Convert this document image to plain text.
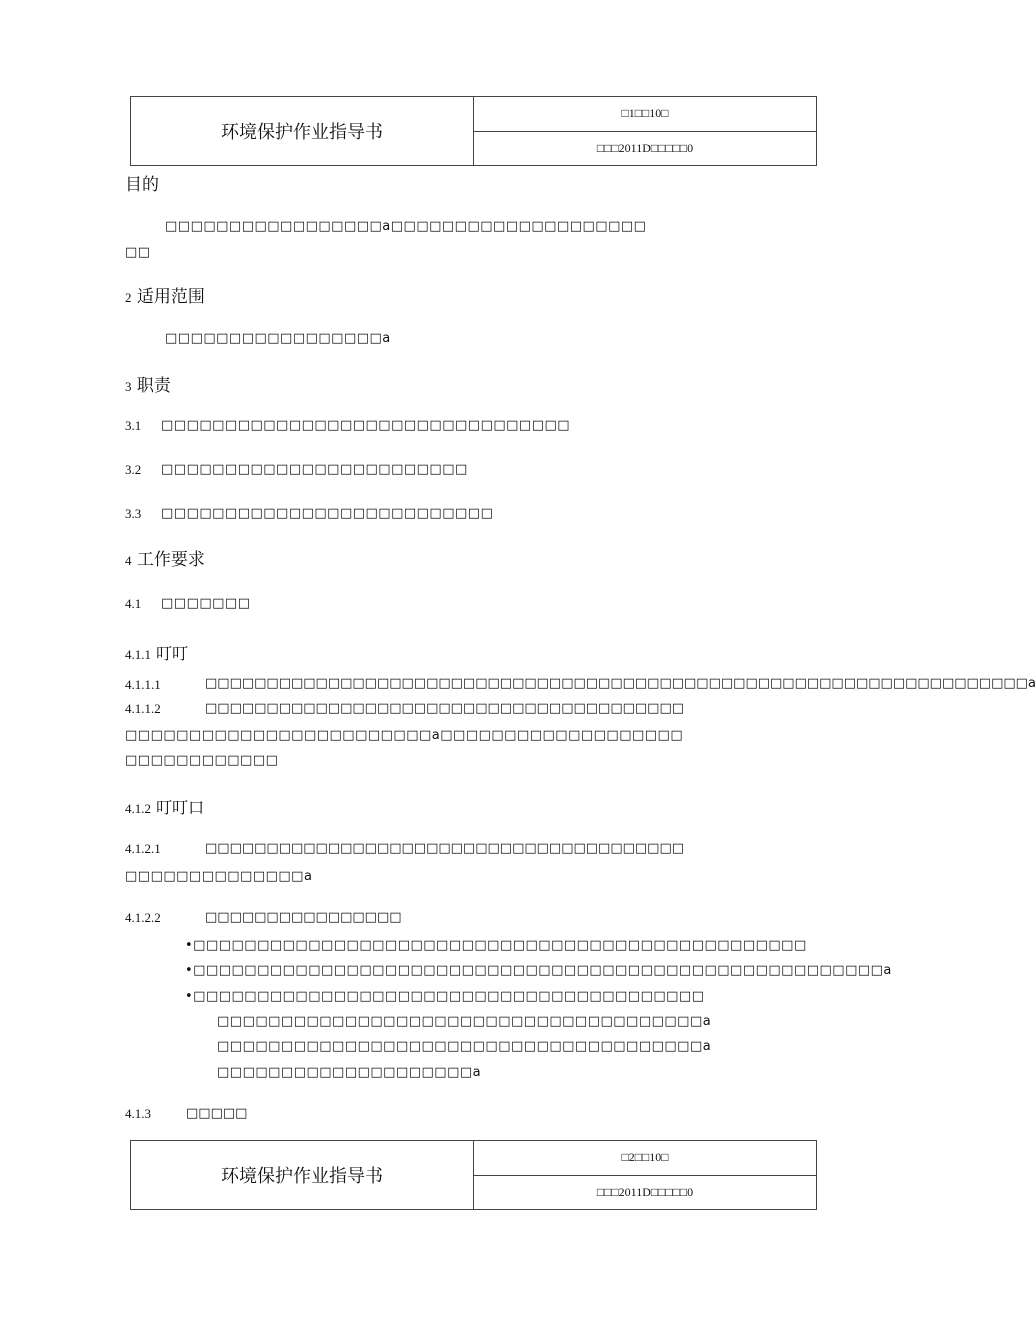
环境保护作业指导书	□1□□10□
□□□2011D□□□□□0
目的
□□□□□□□□□□□□□□□□□a□□□□□□□□□□□□□□□□□□□□
□□
2 适用范围
□□□□□□□□□□□□□□□□□a
3 职责
3.1 □□□□□□□□□□□□□□□□□□□□□□□□□□□□□□□□
3.2 □□□□□□□□□□□□□□□□□□□□□□□□
3.3 □□□□□□□□□□□□□□□□□□□□□□□□□□
4 工作要求
4.1 □□□□□□□
4.1.1 叮叮
4.1.1.1	□□□□□□□□□□□□□□□□□□□□□□□□□□□□□□□□□□□□□□□□□□□□□□□□□□□□□□□□□□□□□□□□□□□a
4.1.1.2	□□□□□□□□□□□□□□□□□□□□□□□□□□□□□□□□□□□□□□□
□□□□□□□□□□□□□□□□□□□□□□□□a□□□□□□□□□□□□□□□□□□□
□□□□□□□□□□□□
4.1.2 叮叮口
4.1.2.1	□□□□□□□□□□□□□□□□□□□□□□□□□□□□□□□□□□□□□□□
□□□□□□□□□□□□□□a
4.1.2.2	□□□□□□□□□□□□□□□□
•□□□□□□□□□□□□□□□□□□□□□□□□□□□□□□□□□□□□□□□□□□□□□□□□
•□□□□□□□□□□□□□□□□□□□□□□□□□□□□□□□□□□□□□□□□□□□□□□□□□□□□□□a
•□□□□□□□□□□□□□□□□□□□□□□□□□□□□□□□□□□□□□□□□
□□□□□□□□□□□□□□□□□□□□□□□□□□□□□□□□□□□□□□a
□□□□□□□□□□□□□□□□□□□□□□□□□□□□□□□□□□□□□□a
□□□□□□□□□□□□□□□□□□□□a
4.1.3	□□□□□
环境保护作业指导书	□2□□10□
□□□2011D□□□□□0
